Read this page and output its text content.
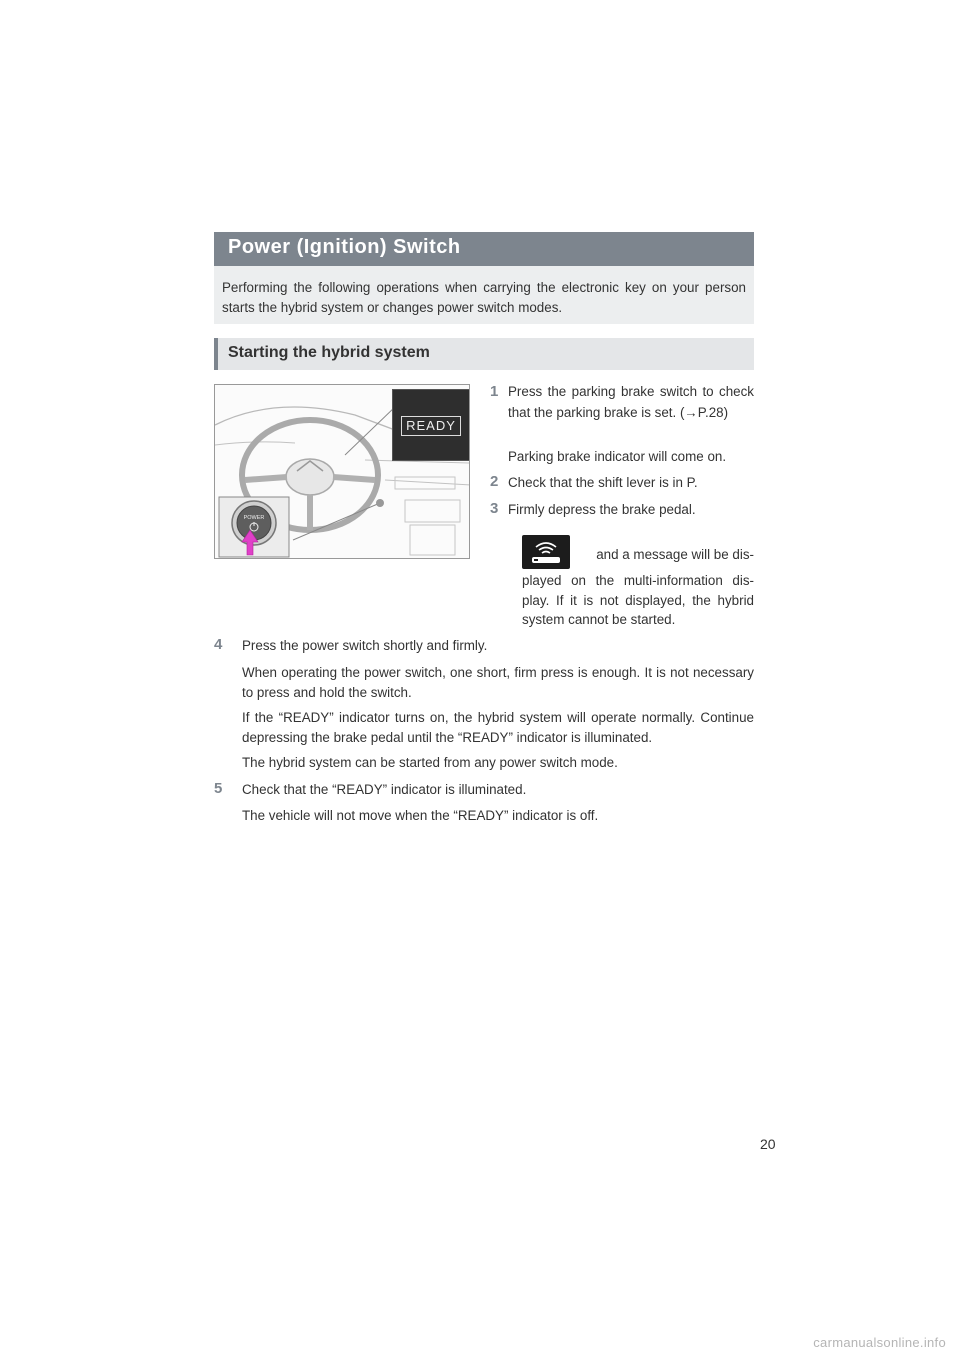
Power (Ignition) Switch
Performing the following operations when carrying the electronic key on your person starts the hybrid system or changes power switch modes.
Starting the hybrid system
POWER
READY
1 Press the parking brake switch to check that the parking brake is set. (→P.28)
Parking brake indicator will come on.
2 Check that the shift lever is in P.
3 Firmly depress the brake pedal.
and a message will be dis-
played on the multi-information dis- play. If it is not displayed, the hybrid system cannot be started.
4 Press the power switch shortly and firmly.
When operating the power switch, one short, firm press is enough. It is not necessary to press and hold the switch.
If the “READY” indicator turns on, the hybrid system will operate normally. Continue depressing the brake pedal until the “READY” indicator is illuminated.
The hybrid system can be started from any power switch mode.
5 Check that the “READY” indicator is illuminated.
The vehicle will not move when the “READY” indicator is off.
20
carmanualsonline.info
